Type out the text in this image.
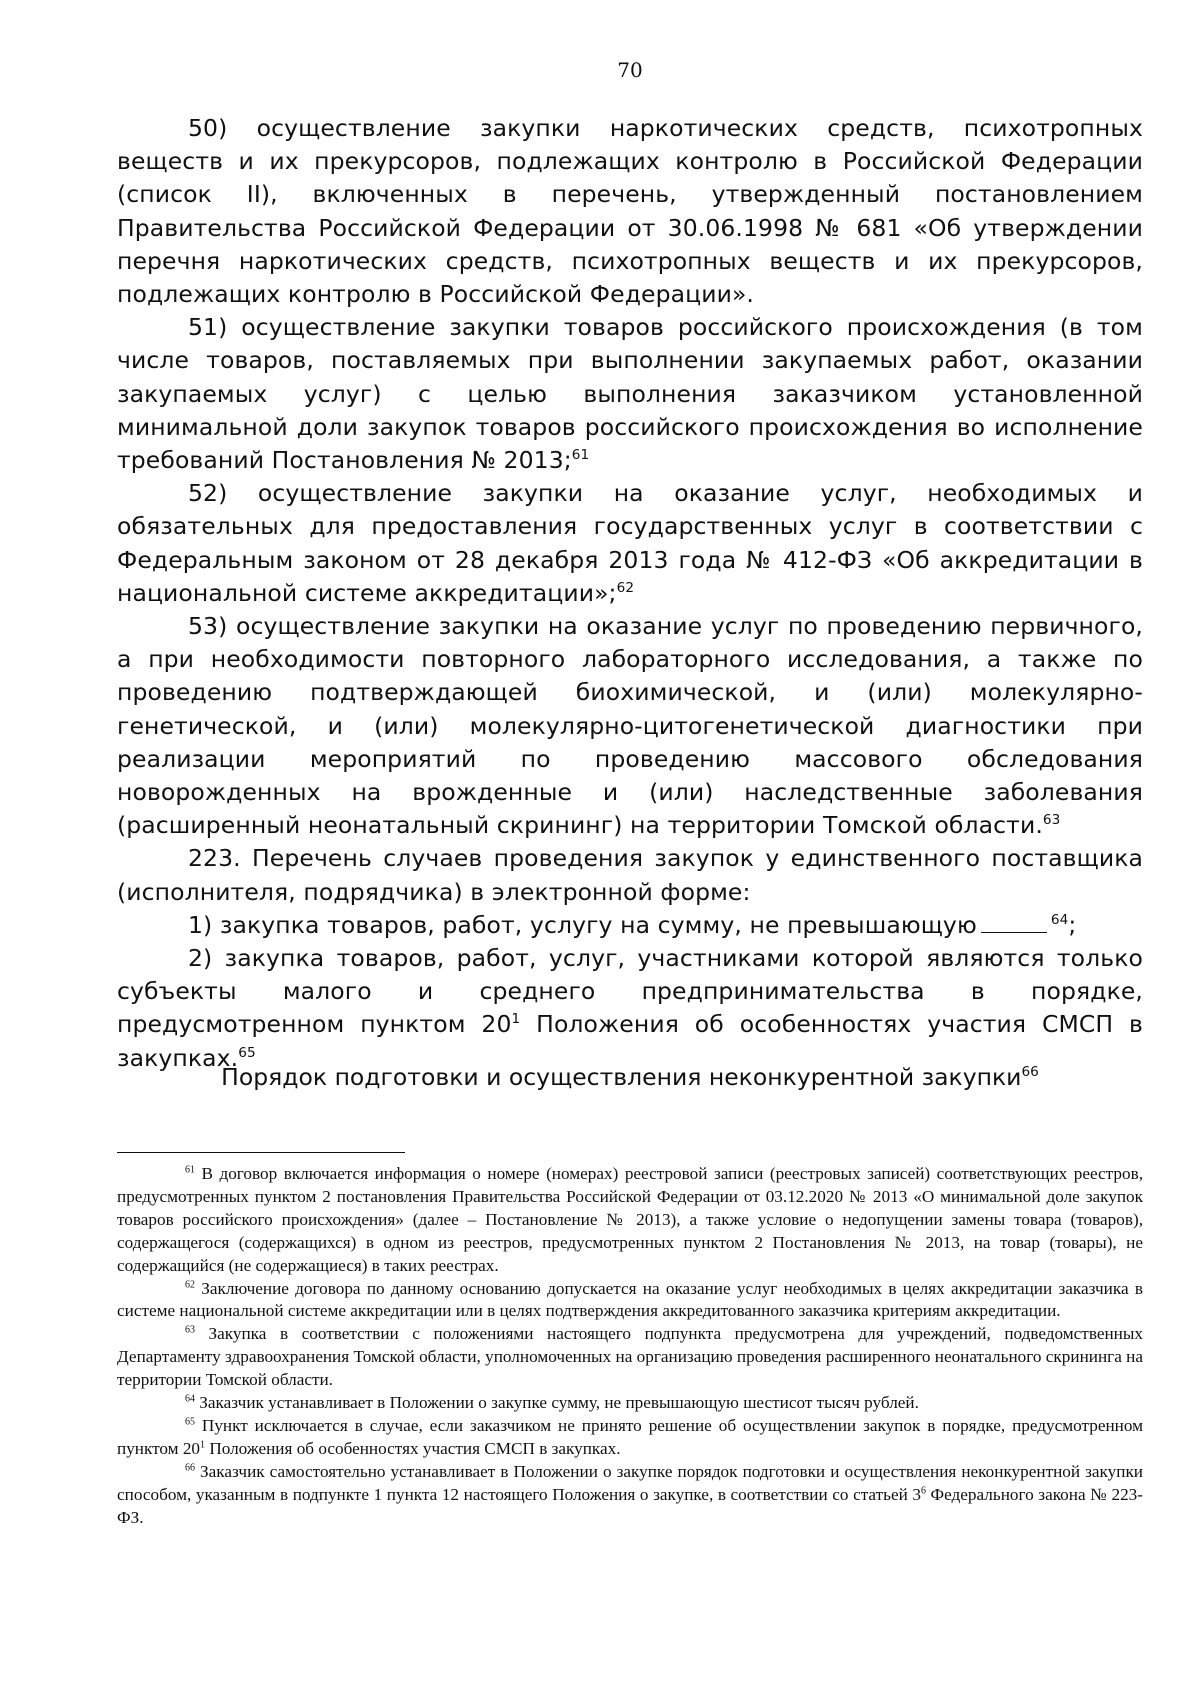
70

50) осуществление закупки наркотических средств, психотропных веществ и их прекурсоров, подлежащих контролю в Российской Федерации (список II), включенных в перечень, утвержденный постановлением Правительства Российской Федерации от 30.06.1998 № 681 «Об утверждении перечня наркотических средств, психотропных веществ и их прекурсоров, подлежащих контролю в Российской Федерации».

51) осуществление закупки товаров российского происхождения (в том числе товаров, поставляемых при выполнении закупаемых работ, оказании закупаемых услуг) с целью выполнения заказчиком установленной минимальной доли закупок товаров российского происхождения во исполнение требований Постановления № 2013;$^{61}$

52) осуществление закупки на оказание услуг, необходимых и обязательных для предоставления государственных услуг в соответствии с Федеральным законом от 28 декабря 2013 года № 412-ФЗ «Об аккредитации в национальной системе аккредитации»;$^{62}$

53) осуществление закупки на оказание услуг по проведению первичного, а при необходимости повторного лабораторного исследования, а также по проведению подтверждающей биохимической, и (или) молекулярно-генетической, и (или) молекулярно-цитогенетической диагностики при реализации мероприятий по проведению массового обследования новорожденных на врожденные и (или) наследственные заболевания (расширенный неонатальный скрининг) на территории Томской области.$^{63}$

223. Перечень случаев проведения закупок у единственного поставщика (исполнителя, подрядчика) в электронной форме:

1) закупка товаров, работ, услугу на сумму, не превышающую	$^{64}$;

2) закупка товаров, работ, услуг, участниками которой являются только субъекты малого и среднего предпринимательства в порядке, предусмотренном пунктом $20^1$ Положения об особенностях участия СМСП в закупках.$^{65}$

Порядок подготовки и осуществления неконкурентной закупки$^{66}$

$^{61}$ В договор включается информация о номере (номерах) реестровой записи (реестровых записей) соответствующих реестров, предусмотренных пунктом 2 постановления Правительства Российской Федерации от 03.12.2020 № 2013 «О минимальной доле закупок товаров российского происхождения» (далее – Постановление № 2013), а также условие о недопущении замены товара (товаров), содержащегося (содержащихся) в одном из реестров, предусмотренных пунктом 2 Постановления № 2013, на товар (товары), не содержащийся (не содержащиеся) в таких реестрах.

$^{62}$ Заключение договора по данному основанию допускается на оказание услуг необходимых в целях аккредитации заказчика в системе национальной системе аккредитации или в целях подтверждения аккредитованного заказчика критериям аккредитации.

$^{63}$ Закупка в соответствии с положениями настоящего подпункта предусмотрена для учреждений, подведомственных Департаменту здравоохранения Томской области, уполномоченных на организацию проведения расширенного неонатального скрининга на территории Томской области.

$^{64}$ Заказчик устанавливает в Положении о закупке сумму, не превышающую шестисот тысяч рублей.

$^{65}$ Пункт исключается в случае, если заказчиком не принято решение об осуществлении закупок в порядке, предусмотренном пунктом $20^1$ Положения об особенностях участия СМСП в закупках.

$^{66}$ Заказчик самостоятельно устанавливает в Положении о закупке порядок подготовки и осуществления неконкурентной закупки способом, указанным в подпункте 1 пункта 12 настоящего Положения о закупке, в соответствии со статьей $3^6$ Федерального закона № 223-ФЗ.
